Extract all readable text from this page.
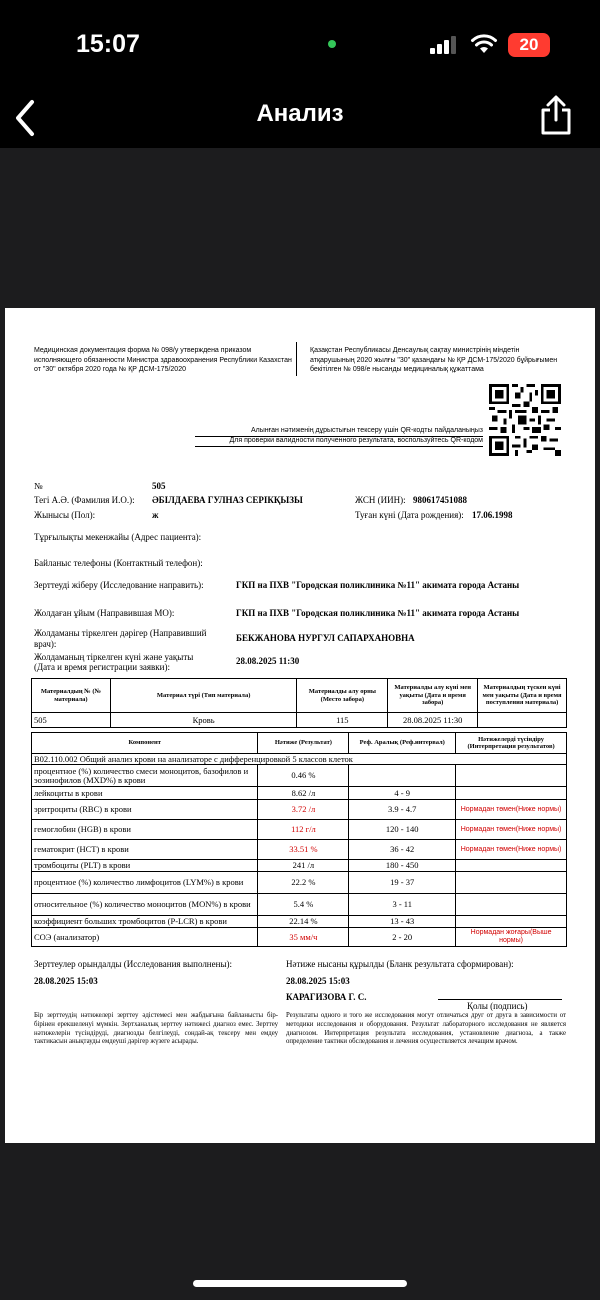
15:07	20
Анализ
Медицинская документация форма № 098/у утверждена приказом исполняющего обязанности Министра здравоохранения Республики Казахстан от "30" октября 2020 года № ҚР ДСМ-175/2020
Қазақстан Республикасы Денсаулық сақтау министрінің міндетін атқарушының 2020 жылғы "30" қазандағы № ҚР ДСМ-175/2020 бұйрығымен бекітілген № 098/е нысанды медициналық құжаттама
Алынған нәтиженің дұрыстығын тексеру үшін QR-кодты пайдаланыңыз
Для проверки валидности полученного результата, воспользуйтесь QR-кодом
№	505
Тегі А.Ә. (Фамилия И.О.): ӘБІЛДАЕВА ГУЛНАЗ СЕРІКҚЫЗЫ	ЖСН (ИИН): 980617451088
Жынысы (Пол):	ж	Туған күні (Дата рождения): 17.06.1998
Тұрғылықты мекенжайы (Адрес пациента):
Байланыс телефоны (Контактный телефон):
Зерттеуді жіберу (Исследование направить):	ГКП на ПХВ "Городская поликлиника №11" акимата города Астаны
Жолдаған ұйым (Направившая МО):	ГКП на ПХВ "Городская поликлиника №11" акимата города Астаны
Жолдаманы тіркелген дәрігер (Направивший
врач):
БЕКЖАНОВА НУРГУЛ САПАРХАНОВНА
Жолдаманың тіркелген күні және уақыты
(Дата и время регистрации заявки):
28.08.2025 11:30
Материалдың № (№ материала)	Материал түрі (Тип материала)	Материалды алу орны (Место забора)	Материалды алу күні мен уақыты (Дата и время забора)	Материалдың түскен күні мен уақыты (Дата и время поступления материала)
505	Кровь	115	28.08.2025 11:30	
Компонент	Нәтиже (Результат)	Реф. Аралық (Реф.интервал)	Нәтижелерді түсіндіру (Интерпретация результатов)
B02.110.002 Общий анализ крови на анализаторе с дифференцировкой 5 классов клеток			
процентное (%) количество смеси моноцитов, базофилов и эозинофилов (MXD%) в крови	0.46 %		
лейкоциты в крови	8.62 /л	4 - 9	
эритроциты (RBC) в крови	3.72 /л	3.9 - 4.7	Нормадан төмен(Ниже нормы)
гемоглобин (HGB) в крови	112 г/л	120 - 140	Нормадан төмен(Ниже нормы)
гематокрит (HCT) в крови	33.51 %	36 - 42	Нормадан төмен(Ниже нормы)
тромбоциты (PLT) в крови	241 /л	180 - 450	
процентное (%) количество лимфоцитов (LYM%) в крови	22.2 %	19 - 37	
относительное (%) количество моноцитов (MON%) в крови	5.4 %	3 - 11	
коэффициент больших тромбоцитов (P-LCR) в крови	22.14 %	13 - 43	
СОЭ (анализатор)	35 мм/ч	2 - 20	Нормадан жоғары(Выше нормы)
Зерттеулер орындалды (Исследования выполнены):
28.08.2025 15:03
Нәтиже нысаны құрылды (Бланк результата сформирован):
28.08.2025 15:03
КАРАГИЗОВА Г. С.
Қолы (подпись)
Бір зерттеудің нәтижелері зерттеу әдістемесі мен жабдығына байланысты бір-бірінен ерекшеленуі мүмкін. Зертханалық зерттеу нәтижесі диагноз емес. Зерттеу нәтижелерін түсіндіруді, диагнозды белгілеуді, сондай-ақ тексеру мен емдеу тактикасын анықтауды емдеуші дәрігер жүзеге асырады.
Результаты одного и того же исследования могут отличаться друг от друга в зависимости от методики исследования и оборудования. Результат лабораторного исследования не является диагнозом. Интерпретация результата исследования, установление диагноза, а также определение тактики обследования и лечения осуществляется лечащим врачом.
